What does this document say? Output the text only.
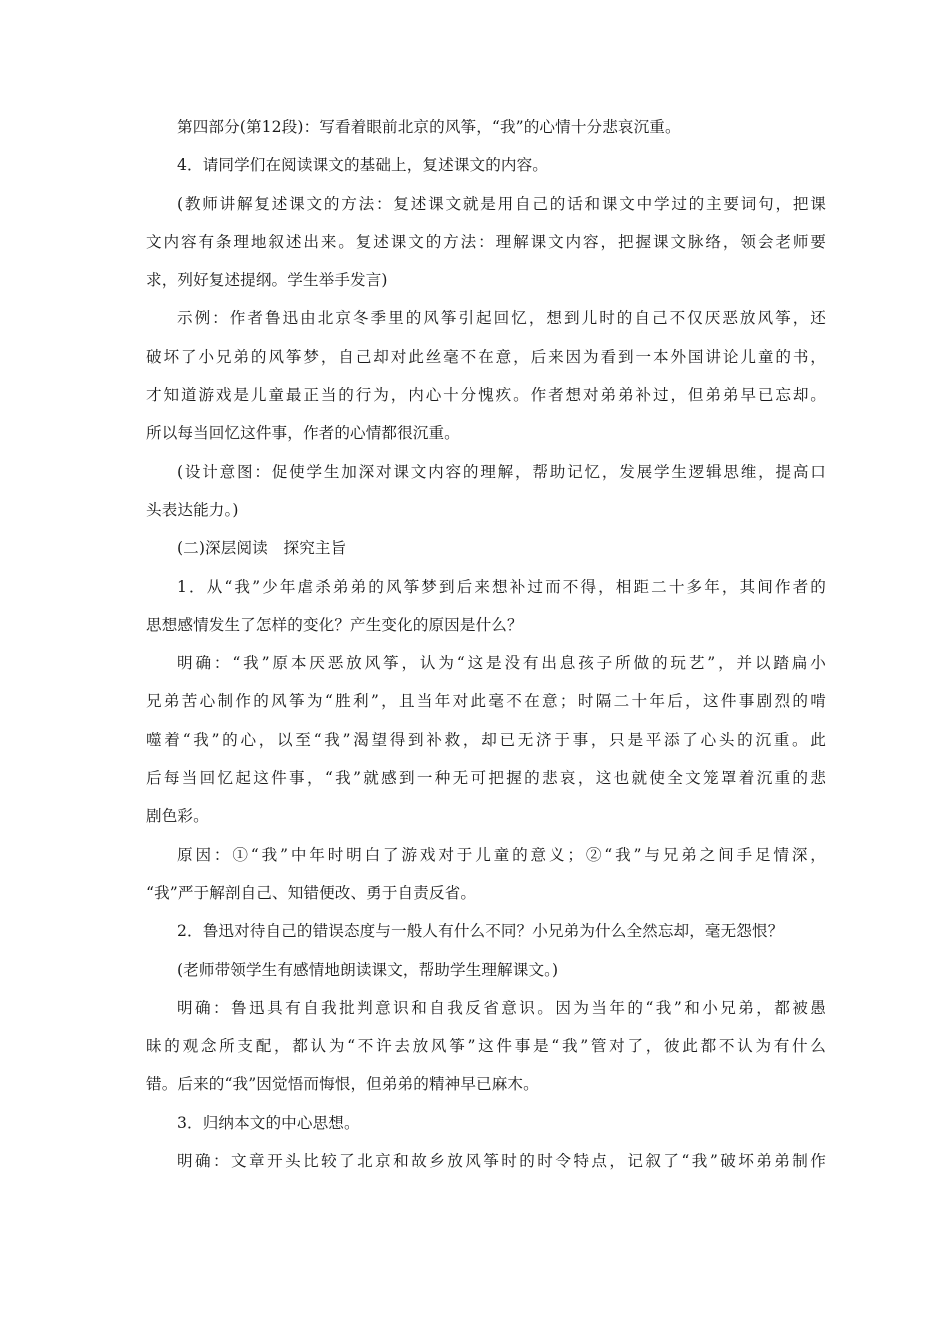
第四部分(第12段)：写看着眼前北京的风筝，“我”的心情十分悲哀沉重。
4．请同学们在阅读课文的基础上，复述课文的内容。
(教师讲解复述课文的方法：复述课文就是用自己的话和课文中学过的主要词句，把课
文内容有条理地叙述出来。复述课文的方法：理解课文内容，把握课文脉络，领会老师要
求，列好复述提纲。学生举手发言)
示例：作者鲁迅由北京冬季里的风筝引起回忆，想到儿时的自己不仅厌恶放风筝，还
破坏了小兄弟的风筝梦，自己却对此丝毫不在意，后来因为看到一本外国讲论儿童的书，
才知道游戏是儿童最正当的行为，内心十分愧疚。作者想对弟弟补过，但弟弟早已忘却。
所以每当回忆这件事，作者的心情都很沉重。
(设计意图：促使学生加深对课文内容的理解，帮助记忆，发展学生逻辑思维，提高口
头表达能力。)
(二)深层阅读　探究主旨
1．从“我”少年虐杀弟弟的风筝梦到后来想补过而不得，相距二十多年，其间作者的
思想感情发生了怎样的变化？产生变化的原因是什么？
明确：“我”原本厌恶放风筝，认为“这是没有出息孩子所做的玩艺”，并以踏扁小
兄弟苦心制作的风筝为“胜利”，且当年对此毫不在意；时隔二十年后，这件事剧烈的啃
噬着“我”的心，以至“我”渴望得到补救，却已无济于事，只是平添了心头的沉重。此
后每当回忆起这件事，“我”就感到一种无可把握的悲哀，这也就使全文笼罩着沉重的悲
剧色彩。
原因：①“我”中年时明白了游戏对于儿童的意义；②“我”与兄弟之间手足情深，
“我”严于解剖自己、知错便改、勇于自责反省。
2．鲁迅对待自己的错误态度与一般人有什么不同？小兄弟为什么全然忘却，毫无怨恨？
(老师带领学生有感情地朗读课文，帮助学生理解课文。)
明确：鲁迅具有自我批判意识和自我反省意识。因为当年的“我”和小兄弟，都被愚
昧的观念所支配，都认为“不许去放风筝”这件事是“我”管对了，彼此都不认为有什么
错。后来的“我”因觉悟而悔恨，但弟弟的精神早已麻木。
3．归纳本文的中心思想。
明确：文章开头比较了北京和故乡放风筝时的时令特点，记叙了“我”破坏弟弟制作
